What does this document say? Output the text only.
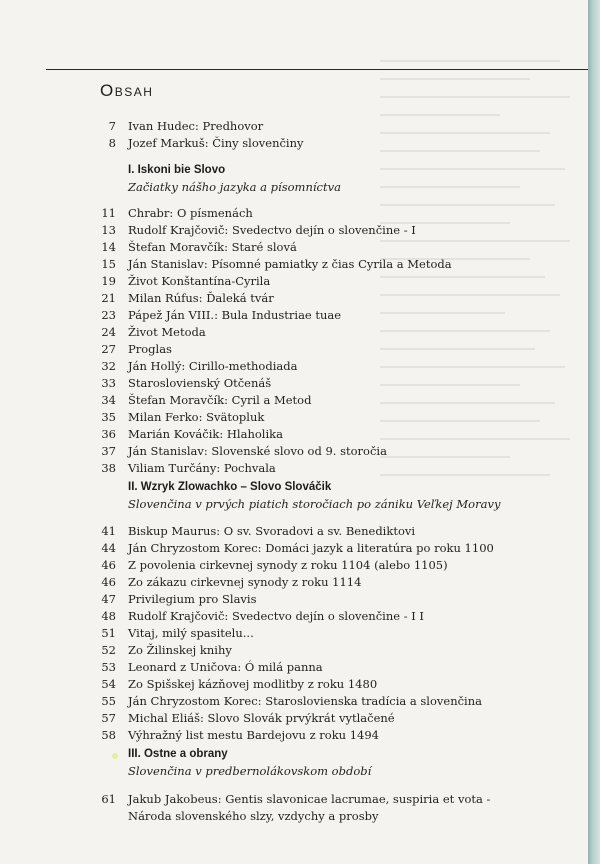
Obsah
7 Ivan Hudec: Predhovor
8 Jozef Markuš: Činy slovenčiny
I. Iskoni bie Slovo
Začiatky nášho jazyka a písomníctva
11 Chrabr: O písmenách
13 Rudolf Krajčovič: Svedectvo dejín o slovenčine - I
14 Štefan Moravčík: Staré slová
15 Ján Stanislav: Písomné pamiatky z čias Cyrila a Metoda
19 Život Konštantína-Cyrila
21 Milan Rúfus: Ďaleká tvár
23 Pápež Ján VIII.: Bula Industriae tuae
24 Život Metoda
27 Proglas
32 Ján Hollý: Cirillo-methodiada
33 Staroslovienský Otčenáš
34 Štefan Moravčík: Cyril a Metod
35 Milan Ferko: Svätopluk
36 Marián Kováčik: Hlaholika
37 Ján Stanislav: Slovenské slovo od 9. storočia
38 Viliam Turčány: Pochvala
II. Wzryk Zlowachko – Slovo Slováčik
Slovenčina v prvých piatich storočiach po zániku Veľkej Moravy
41 Biskup Maurus: O sv. Svoradovi a sv. Benediktovi
44 Ján Chryzostom Korec: Domáci jazyk a literatúra po roku 1100
46 Z povolenia cirkevnej synody z roku 1104 (alebo 1105)
46 Zo zákazu cirkevnej synody z roku 1114
47 Privilegium pro Slavis
48 Rudolf Krajčovič: Svedectvo dejín o slovenčine - I I
51 Vitaj, milý spasitelu...
52 Zo Žilinskej knihy
53 Leonard z Uničova: Ó milá panna
54 Zo Spišskej kázňovej modlitby z roku 1480
55 Ján Chryzostom Korec: Staroslovienska tradícia a slovenčina
57 Michal Eliáš: Slovo Slovák prvýkrát vytlačené
58 Výhražný list mestu Bardejovu z roku 1494
III. Ostne a obrany
Slovenčina v predbernolákovskom období
61 Jakub Jakobeus: Gentis slavonicae lacrumae, suspiria et vota -
Národa slovenského slzy, vzdychy a prosby
